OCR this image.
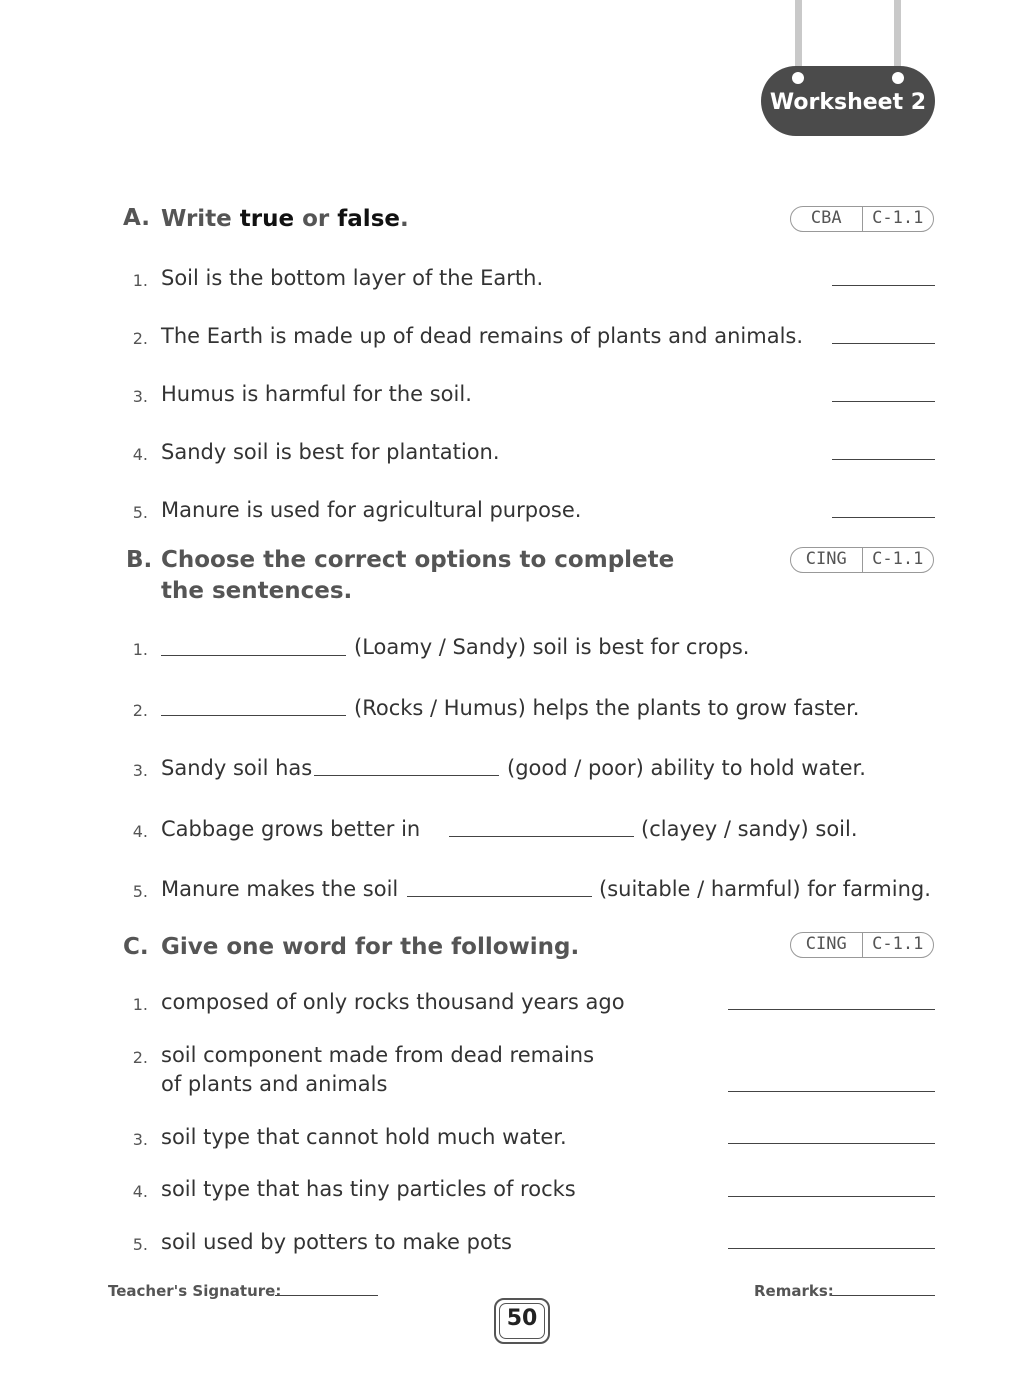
Worksheet 2
A. Write true or false.	CBA	C-1.1
1. Soil is the bottom layer of the Earth.
2. The Earth is made up of dead remains of plants and animals.
3. Humus is harmful for the soil.
4. Sandy soil is best for plantation.
5. Manure is used for agricultural purpose.
B. Choose the correct options to complete
the sentences.
CING	C-1.1
1.	(Loamy / Sandy) soil is best for crops.
2.	(Rocks / Humus) helps the plants to grow faster.
3. Sandy soil has	(good / poor) ability to hold water.
4. Cabbage grows better in	(clayey / sandy) soil.
5. Manure makes the soil	(suitable / harmful) for farming.
C. Give one word for the following.	CING	C-1.1
1. composed of only rocks thousand years ago
2. soil component made from dead remains
of plants and animals
3. soil type that cannot hold much water.
4. soil type that has tiny particles of rocks
5. soil used by potters to make pots
Teacher's Signature:	Remarks:
50
